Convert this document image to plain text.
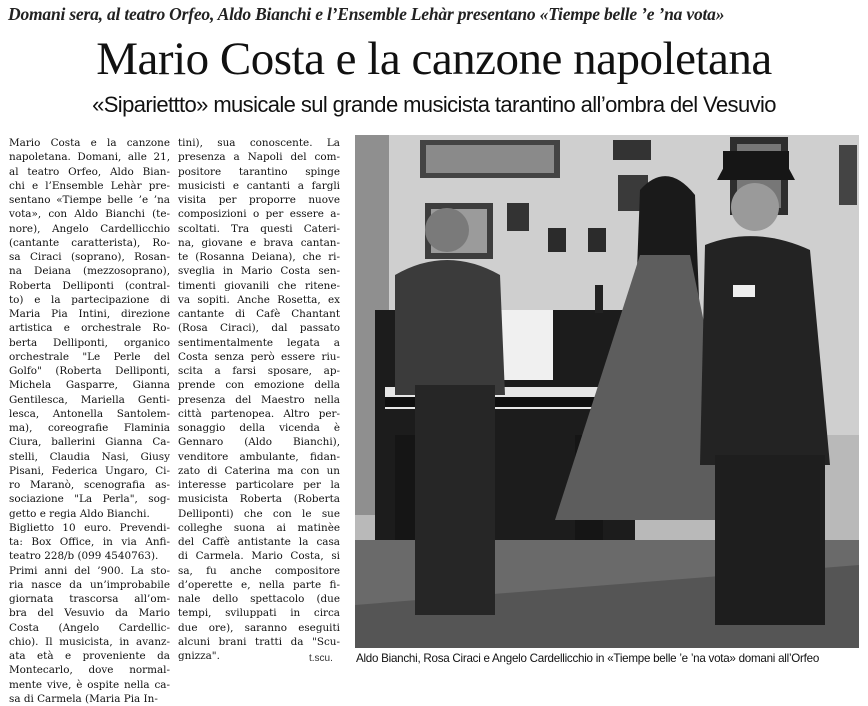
Domani sera, al teatro Orfeo, Aldo Bianchi e l’Ensemble Lehàr presentano «Tiempe belle ’e ’na vota»
Mario Costa e la canzone napoletana
«Sipariettto» musicale sul grande musicista tarantino all’ombra del Vesuvio
Mario Costa e la canzone
napoletana. Domani, alle 21,
al teatro Orfeo, Aldo Bian-
chi e l’Ensemble Lehàr pre-
sentano «Tiempe belle ’e ’na
vota», con Aldo Bianchi (te-
nore), Angelo Cardellicchio
(cantante caratterista), Ro-
sa Ciraci (soprano), Rosan-
na Deiana (mezzosoprano),
Roberta Delliponti (contral-
to) e la partecipazione di
Maria Pia Intini, direzione
artistica e orchestrale Ro-
berta Delliponti, organico
orchestrale "Le Perle del
Golfo" (Roberta Delliponti,
Michela Gasparre, Gianna
Gentilesca, Mariella Genti-
lesca, Antonella Santolem-
ma), coreografie Flaminia
Ciura, ballerini Gianna Ca-
stelli, Claudia Nasi, Giusy
Pisani, Federica Ungaro, Ci-
ro Maranò, scenografia as-
sociazione "La Perla", sog-
getto e regia Aldo Bianchi.
Biglietto 10 euro. Prevendi-
ta: Box Office, in via Anfi-
teatro 228/b (099 4540763).
Primi anni del ’900. La sto-
ria nasce da un’improbabile
giornata trascorsa all’om-
bra del Vesuvio da Mario
Costa (Angelo Cardellic-
chio). Il musicista, in avanz-
ata età e proveniente da
Montecarlo, dove normal-
mente vive, è ospite nella ca-
sa di Carmela (Maria Pia In-
tini), sua conoscente. La
presenza a Napoli del com-
positore tarantino spinge
musicisti e cantanti a fargli
visita per proporre nuove
composizioni o per essere a-
scoltati. Tra questi Cateri-
na, giovane e brava cantan-
te (Rosanna Deiana), che ri-
sveglia in Mario Costa sen-
timenti giovanili che ritene-
va sopiti. Anche Rosetta, ex
cantante di Cafè Chantant
(Rosa Ciraci), dal passato
sentimentalmente legata a
Costa senza però essere riu-
scita a farsi sposare, ap-
prende con emozione della
presenza del Maestro nella
città partenopea. Altro per-
sonaggio della vicenda è
Gennaro (Aldo Bianchi),
venditore ambulante, fidan-
zato di Caterina ma con un
interesse particolare per la
musicista Roberta (Roberta
Delliponti) che con le sue
colleghe suona ai matinèe
del Caffè antistante la casa
di Carmela. Mario Costa, si
sa, fu anche compositore
d’operette e, nella parte fi-
nale dello spettacolo (due
tempi, sviluppati in circa
due ore), saranno eseguiti
alcuni brani tratti da "Scu-
gnizza".	t.scu.	Aldo Bianchi, Rosa Ciraci e Angelo Cardellicchio in «Tiempe belle ’e ’na vota» domani all’Orfeo
